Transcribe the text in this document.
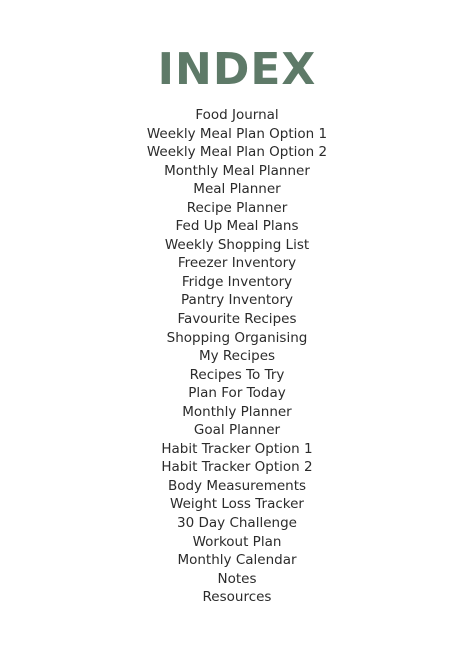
INDEX
Food Journal
Weekly Meal Plan Option 1
Weekly Meal Plan Option 2
Monthly Meal Planner
Meal Planner
Recipe Planner
Fed Up Meal Plans
Weekly Shopping List
Freezer Inventory
Fridge Inventory
Pantry Inventory
Favourite Recipes
Shopping Organising
My Recipes
Recipes To Try
Plan For Today
Monthly Planner
Goal Planner
Habit Tracker Option 1
Habit Tracker Option 2
Body Measurements
Weight Loss Tracker
30 Day Challenge
Workout Plan
Monthly Calendar
Notes
Resources
